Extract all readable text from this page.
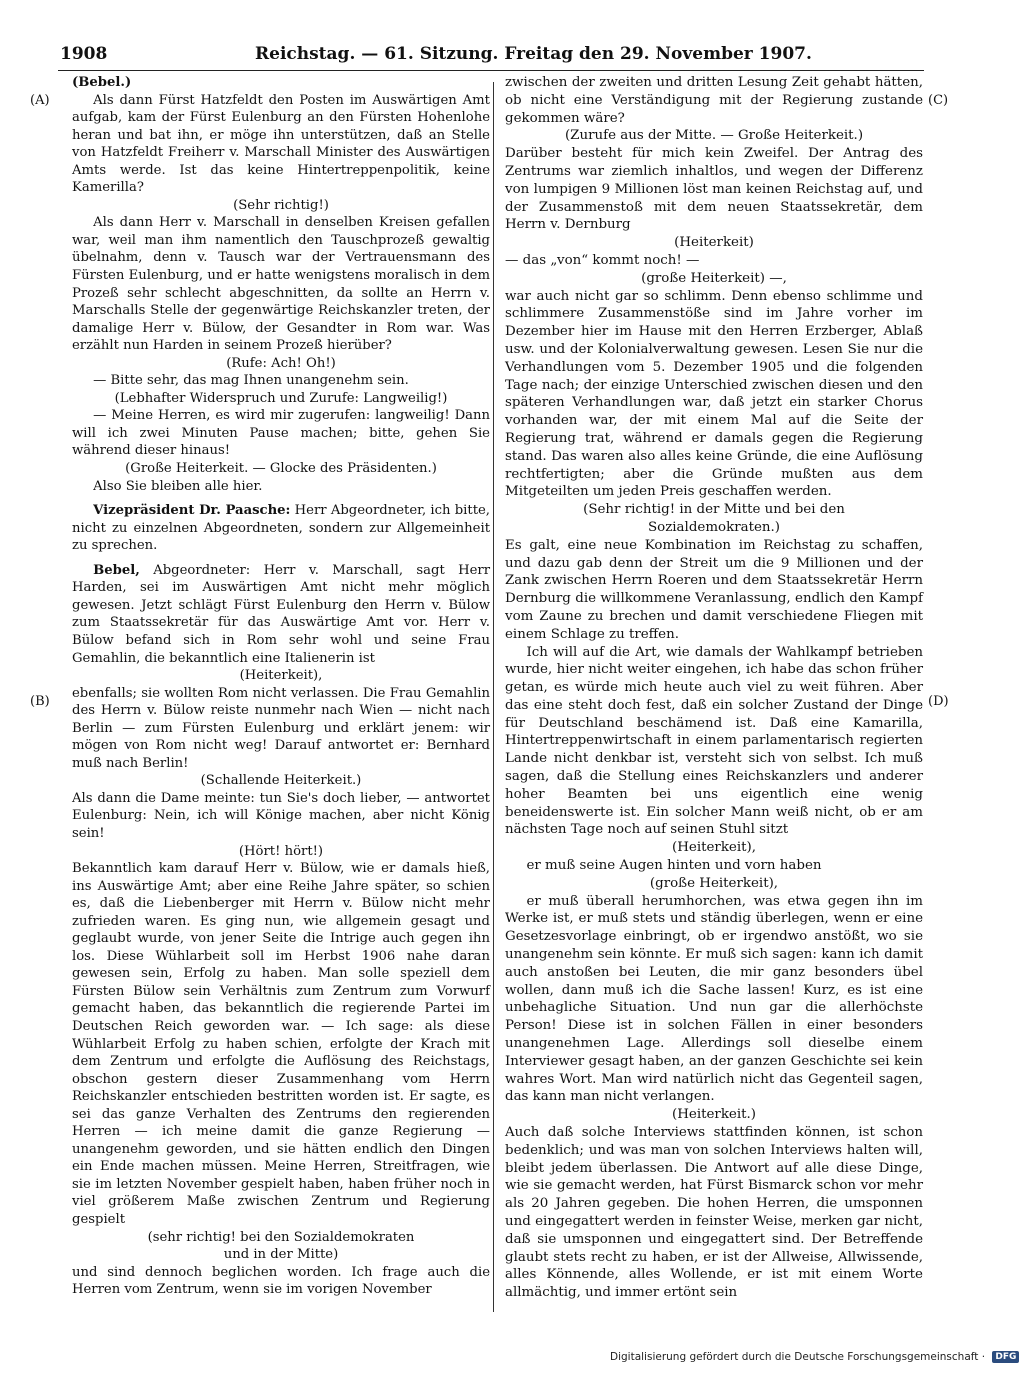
1908	Reichstag. — 61. Sitzung. Freitag den 29. November 1907.
(A)
(B)
(C)
(D)

(Bebel.)

Als dann Fürst Hatzfeldt den Posten im Auswärtigen Amt aufgab, kam der Fürst Eulenburg an den Fürsten Hohenlohe heran und bat ihn, er möge ihn unterstützen, daß an Stelle von Hatzfeldt Freiherr v. Marschall Minister des Auswärtigen Amts werde. Ist das keine Hintertreppenpolitik, keine Kamerilla?

(Sehr richtig!)

Als dann Herr v. Marschall in denselben Kreisen gefallen war, weil man ihm namentlich den Tauschprozeß gewaltig übelnahm, denn v. Tausch war der Vertrauensmann des Fürsten Eulenburg, und er hatte wenigstens moralisch in dem Prozeß sehr schlecht abgeschnitten, da sollte an Herrn v. Marschalls Stelle der gegenwärtige Reichskanzler treten, der damalige Herr v. Bülow, der Gesandter in Rom war. Was erzählt nun Harden in seinem Prozeß hierüber?

(Rufe: Ach! Oh!)

— Bitte sehr, das mag Ihnen unangenehm sein.

(Lebhafter Widerspruch und Zurufe: Langweilig!)

— Meine Herren, es wird mir zugerufen: langweilig! Dann will ich zwei Minuten Pause machen; bitte, gehen Sie während dieser hinaus!

(Große Heiterkeit. — Glocke des Präsidenten.)

Also Sie bleiben alle hier.

Vizepräsident Dr. Paasche: Herr Abgeordneter, ich bitte, nicht zu einzelnen Abgeordneten, sondern zur Allgemeinheit zu sprechen.

Bebel, Abgeordneter: Herr v. Marschall, sagt Herr Harden, sei im Auswärtigen Amt nicht mehr möglich gewesen. Jetzt schlägt Fürst Eulenburg den Herrn v. Bülow zum Staatssekretär für das Auswärtige Amt vor. Herr v. Bülow befand sich in Rom sehr wohl und seine Frau Gemahlin, die bekanntlich eine Italienerin ist

(Heiterkeit),

ebenfalls; sie wollten Rom nicht verlassen. Die Frau Gemahlin des Herrn v. Bülow reiste nunmehr nach Wien — nicht nach Berlin — zum Fürsten Eulenburg und erklärt jenem: wir mögen von Rom nicht weg! Darauf antwortet er: Bernhard muß nach Berlin!

(Schallende Heiterkeit.)

Als dann die Dame meinte: tun Sie's doch lieber, — antwortet Eulenburg: Nein, ich will Könige machen, aber nicht König sein!

(Hört! hört!)

Bekanntlich kam darauf Herr v. Bülow, wie er damals hieß, ins Auswärtige Amt; aber eine Reihe Jahre später, so schien es, daß die Liebenberger mit Herrn v. Bülow nicht mehr zufrieden waren. Es ging nun, wie allgemein gesagt und geglaubt wurde, von jener Seite die Intrige auch gegen ihn los. Diese Wühlarbeit soll im Herbst 1906 nahe daran gewesen sein, Erfolg zu haben. Man solle speziell dem Fürsten Bülow sein Verhältnis zum Zentrum zum Vorwurf gemacht haben, das bekanntlich die regierende Partei im Deutschen Reich geworden war. — Ich sage: als diese Wühlarbeit Erfolg zu haben schien, erfolgte der Krach mit dem Zentrum und erfolgte die Auflösung des Reichstags, obschon gestern dieser Zusammenhang vom Herrn Reichskanzler entschieden bestritten worden ist. Er sagte, es sei das ganze Verhalten des Zentrums den regierenden Herren — ich meine damit die ganze Regierung — unangenehm geworden, und sie hätten endlich den Dingen ein Ende machen müssen. Meine Herren, Streitfragen, wie sie im letzten November gespielt haben, haben früher noch in viel größerem Maße zwischen Zentrum und Regierung gespielt

(sehr richtig! bei den Sozialdemokraten

und in der Mitte)

und sind dennoch beglichen worden. Ich frage auch die Herren vom Zentrum, wenn sie im vorigen November

zwischen der zweiten und dritten Lesung Zeit gehabt hätten, ob nicht eine Verständigung mit der Regierung zustande gekommen wäre?

(Zurufe aus der Mitte. — Große Heiterkeit.)

Darüber besteht für mich kein Zweifel. Der Antrag des Zentrums war ziemlich inhaltlos, und wegen der Differenz von lumpigen 9 Millionen löst man keinen Reichstag auf, und der Zusammenstoß mit dem neuen Staatssekretär, dem Herrn v. Dernburg

(Heiterkeit)

— das „von“ kommt noch! —

(große Heiterkeit) —,

war auch nicht gar so schlimm. Denn ebenso schlimme und schlimmere Zusammenstöße sind im Jahre vorher im Dezember hier im Hause mit den Herren Erzberger, Ablaß usw. und der Kolonialverwaltung gewesen. Lesen Sie nur die Verhandlungen vom 5. Dezember 1905 und die folgenden Tage nach; der einzige Unterschied zwischen diesen und den späteren Verhandlungen war, daß jetzt ein starker Chorus vorhanden war, der mit einem Mal auf die Seite der Regierung trat, während er damals gegen die Regierung stand. Das waren also alles keine Gründe, die eine Auflösung rechtfertigten; aber die Gründe mußten aus dem Mitgeteilten um jeden Preis geschaffen werden.

(Sehr richtig! in der Mitte und bei den

Sozialdemokraten.)

Es galt, eine neue Kombination im Reichstag zu schaffen, und dazu gab denn der Streit um die 9 Millionen und der Zank zwischen Herrn Roeren und dem Staatssekretär Herrn Dernburg die willkommene Veranlassung, endlich den Kampf vom Zaune zu brechen und damit verschiedene Fliegen mit einem Schlage zu treffen.

Ich will auf die Art, wie damals der Wahlkampf betrieben wurde, hier nicht weiter eingehen, ich habe das schon früher getan, es würde mich heute auch viel zu weit führen. Aber das eine steht doch fest, daß ein solcher Zustand der Dinge für Deutschland beschämend ist. Daß eine Kamarilla, Hintertreppenwirtschaft in einem parlamentarisch regierten Lande nicht denkbar ist, versteht sich von selbst. Ich muß sagen, daß die Stellung eines Reichskanzlers und anderer hoher Beamten bei uns eigentlich eine wenig beneidenswerte ist. Ein solcher Mann weiß nicht, ob er am nächsten Tage noch auf seinen Stuhl sitzt

(Heiterkeit),

er muß seine Augen hinten und vorn haben

(große Heiterkeit),

er muß überall herumhorchen, was etwa gegen ihn im Werke ist, er muß stets und ständig überlegen, wenn er eine Gesetzesvorlage einbringt, ob er irgendwo anstößt, wo sie unangenehm sein könnte. Er muß sich sagen: kann ich damit auch anstoßen bei Leuten, die mir ganz besonders übel wollen, dann muß ich die Sache lassen! Kurz, es ist eine unbehagliche Situation. Und nun gar die allerhöchste Person! Diese ist in solchen Fällen in einer besonders unangenehmen Lage. Allerdings soll dieselbe einem Interviewer gesagt haben, an der ganzen Geschichte sei kein wahres Wort. Man wird natürlich nicht das Gegenteil sagen, das kann man nicht verlangen.

(Heiterkeit.)

Auch daß solche Interviews stattfinden können, ist schon bedenklich; und was man von solchen Interviews halten will, bleibt jedem überlassen. Die Antwort auf alle diese Dinge, wie sie gemacht werden, hat Fürst Bismarck schon vor mehr als 20 Jahren gegeben. Die hohen Herren, die umsponnen und eingegattert werden in feinster Weise, merken gar nicht, daß sie umsponnen und eingegattert sind. Der Betreffende glaubt stets recht zu haben, er ist der Allweise, Allwissende, alles Könnende, alles Wollende, er ist mit einem Worte allmächtig, und immer ertönt sein

Digitalisierung gefördert durch die Deutsche Forschungsgemeinschaft · DFG
